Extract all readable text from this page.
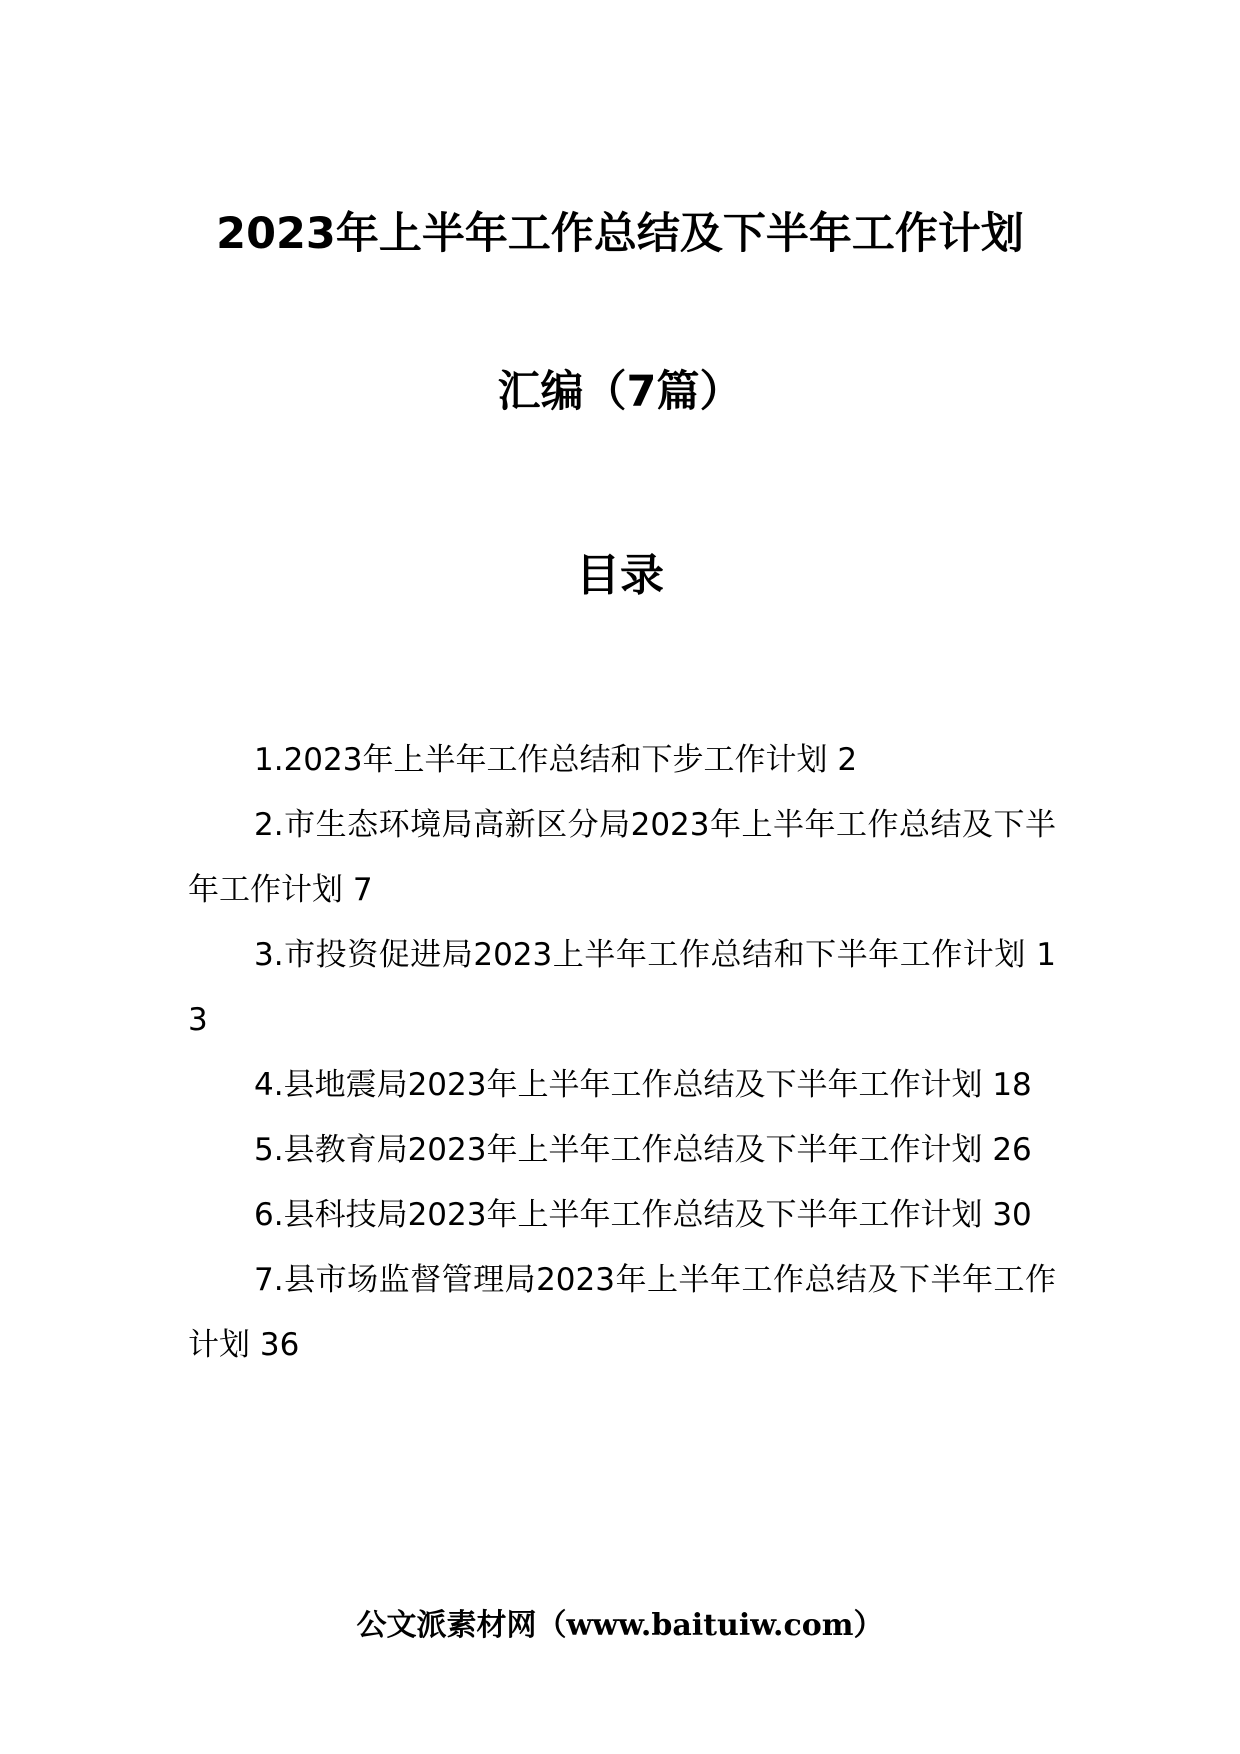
2023年上半年工作总结及下半年工作计划
汇编（7篇）
目录
1.2023年上半年工作总结和下步工作计划 2
2.市生态环境局高新区分局2023年上半年工作总结及下半年工作计划 7
3.市投资促进局2023上半年工作总结和下半年工作计划 13
4.县地震局2023年上半年工作总结及下半年工作计划 18
5.县教育局2023年上半年工作总结及下半年工作计划 26
6.县科技局2023年上半年工作总结及下半年工作计划 30
7.县市场监督管理局2023年上半年工作总结及下半年工作计划 36
公文派素材网（www.baituiw.com）
